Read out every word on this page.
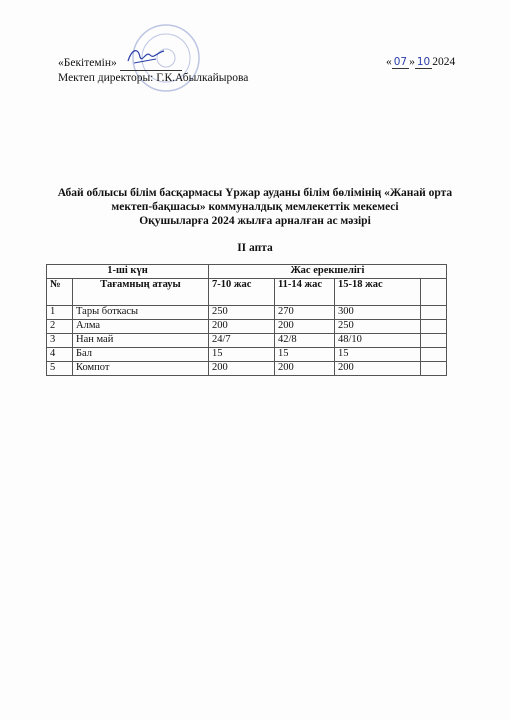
«Бекітемін»
Мектеп директоры: Г.К.Абылкайырова
« 07 » 10 2024
Абай облысы білім басқармасы Үржар ауданы білім бөлімінің «Жанай орта
мектеп-бақшасы» коммуналдық мемлекеттік мекемесі
Оқушыларға 2024 жылға арналған ас мәзірі
II апта
1-ші күн		Жас ерекшелігі			
№	Тағамның атауы	7-10 жас	11-14 жас	15-18 жас	
1	Тары боткасы	250	270	300	
2	Алма	200	200	250	
3	Нан май	24/7	42/8	48/10	
4	Бал	15	15	15	
5	Компот	200	200	200	
